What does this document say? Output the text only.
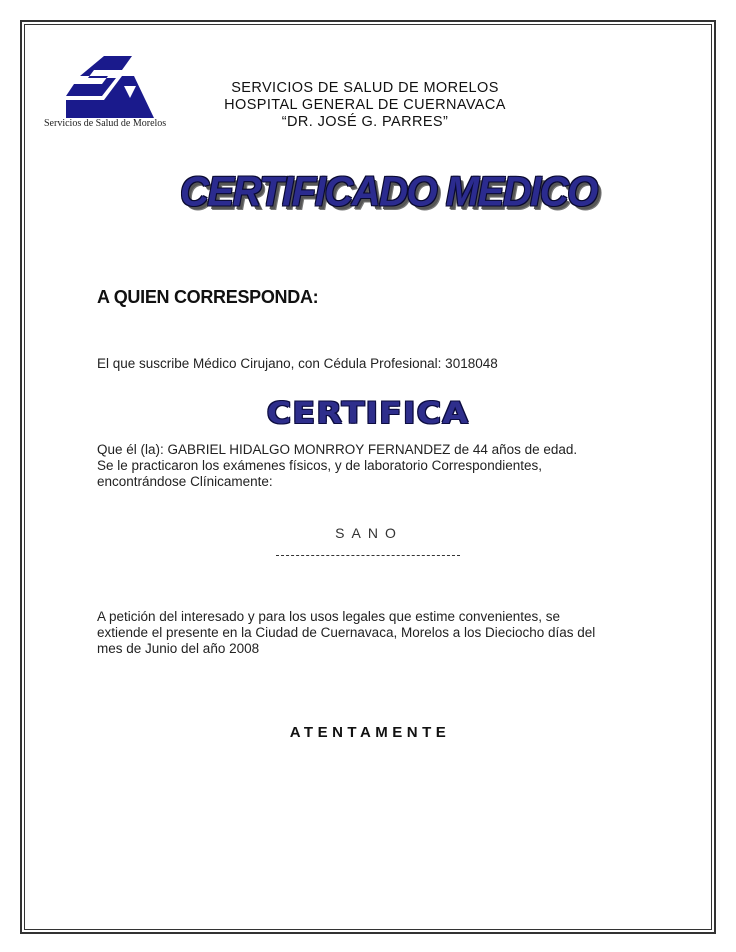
Servicios de Salud de Morelos
SERVICIOS DE SALUD DE MORELOS
HOSPITAL GENERAL DE CUERNAVACA
“DR. JOSÉ G. PARRES”
CERTIFICADO MEDICO
A QUIEN CORRESPONDA:
El que suscribe Médico Cirujano, con Cédula Profesional: 3018048
CERTIFICA
Que él (la): GABRIEL HIDALGO MONRROY FERNANDEZ de 44 años de edad.
Se le practicaron los exámenes físicos, y de laboratorio Correspondientes,
encontrándose Clínicamente:
SANO
A petición del interesado y para los usos legales que estime convenientes, se
extiende el presente en la Ciudad de Cuernavaca, Morelos a los Dieciocho días del
mes de Junio del año 2008
ATENTAMENTE
